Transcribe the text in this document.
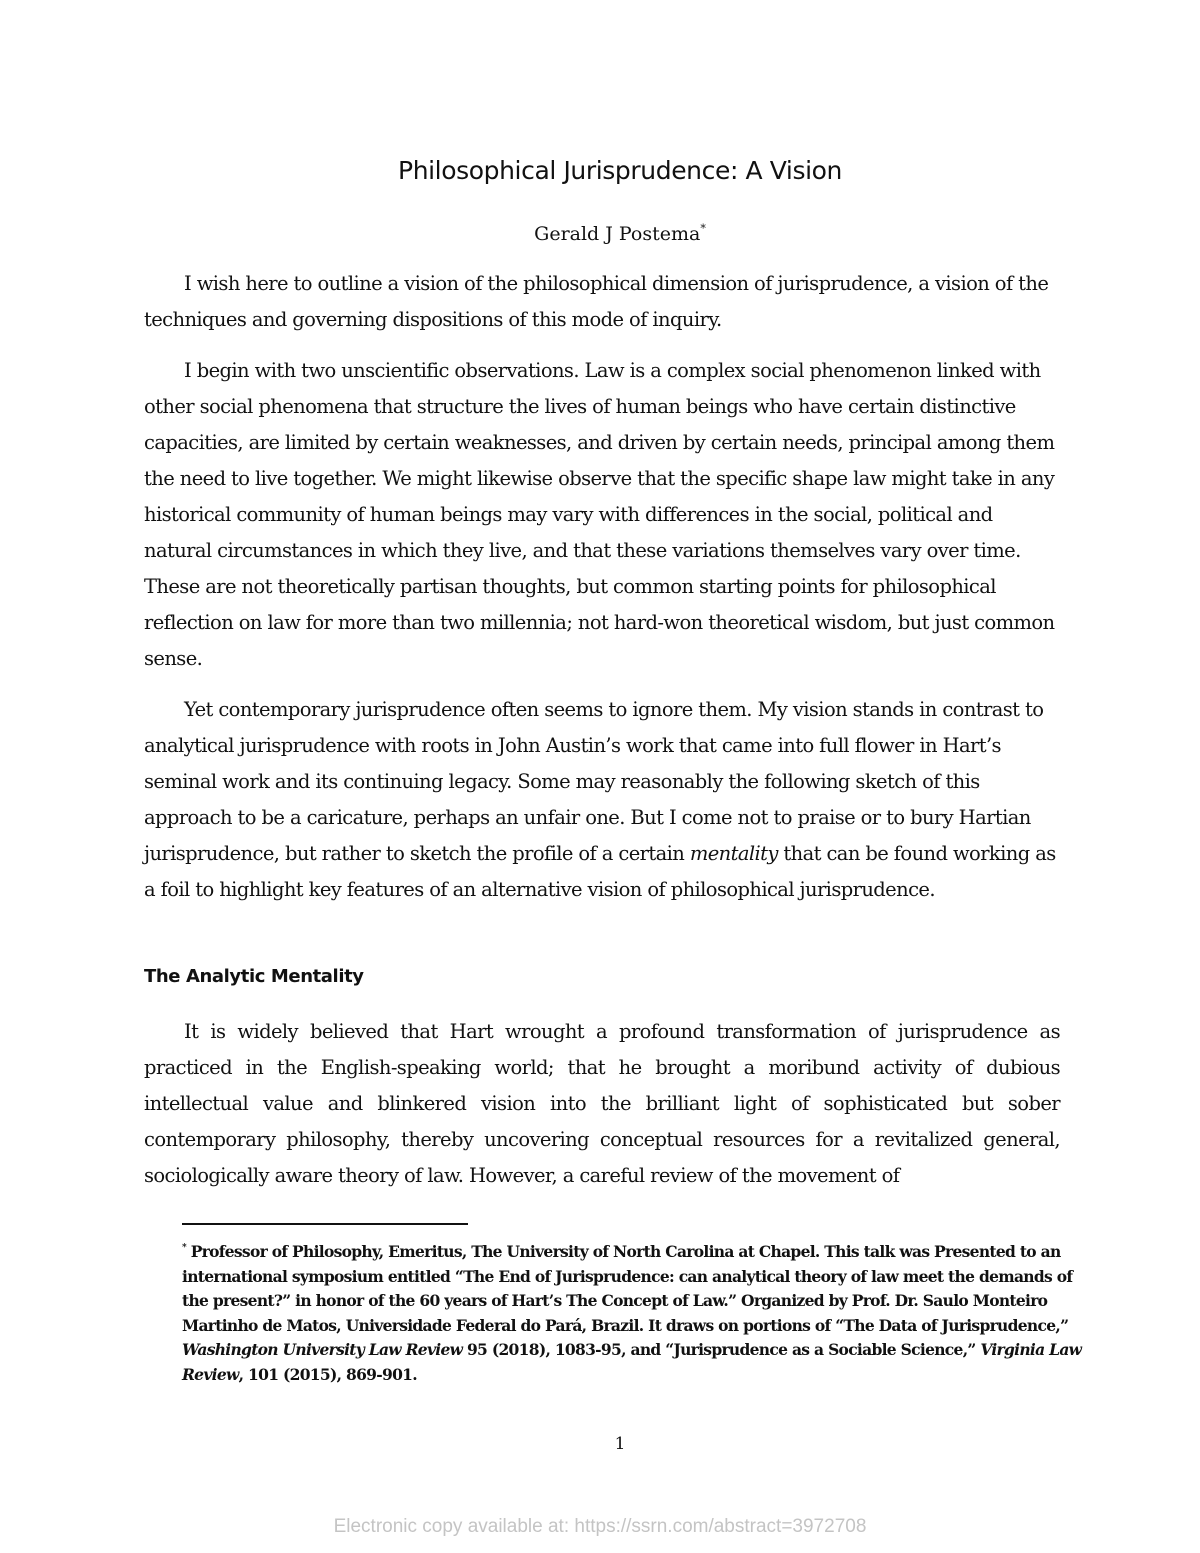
Philosophical Jurisprudence: A Vision
Gerald J Postema*

I wish here to outline a vision of the philosophical dimension of jurisprudence, a vision of the techniques and governing dispositions of this mode of inquiry.

I begin with two unscientific observations. Law is a complex social phenomenon linked with other social phenomena that structure the lives of human beings who have certain distinctive capacities, are limited by certain weaknesses, and driven by certain needs, principal among them the need to live together. We might likewise observe that the specific shape law might take in any historical community of human beings may vary with differences in the social, political and natural circumstances in which they live, and that these variations themselves vary over time. These are not theoretically partisan thoughts, but common starting points for philosophical reflection on law for more than two millennia; not hard-won theoretical wisdom, but just common sense.

Yet contemporary jurisprudence often seems to ignore them. My vision stands in contrast to analytical jurisprudence with roots in John Austin’s work that came into full flower in Hart’s seminal work and its continuing legacy. Some may reasonably the following sketch of this approach to be a caricature, perhaps an unfair one. But I come not to praise or to bury Hartian jurisprudence, but rather to sketch the profile of a certain mentality that can be found working as a foil to highlight key features of an alternative vision of philosophical jurisprudence.

The Analytic Mentality

It is widely believed that Hart wrought a profound transformation of jurisprudence as practiced in the English-speaking world; that he brought a moribund activity of dubious intellectual value and blinkered vision into the brilliant light of sophisticated but sober contemporary philosophy, thereby uncovering conceptual resources for a revitalized general, sociologically aware theory of law. However, a careful review of the movement of

* Professor of Philosophy, Emeritus, The University of North Carolina at Chapel. This talk was Presented to an international symposium entitled “The End of Jurisprudence: can analytical theory of law meet the demands of the present?” in honor of the 60 years of Hart’s The Concept of Law.” Organized by Prof. Dr. Saulo Monteiro Martinho de Matos, Universidade Federal do Pará, Brazil. It draws on portions of “The Data of Jurisprudence,” Washington University Law Review 95 (2018), 1083-95, and “Jurisprudence as a Sociable Science,” Virginia Law Review, 101 (2015), 869-901.

1
Electronic copy available at: https://ssrn.com/abstract=3972708
